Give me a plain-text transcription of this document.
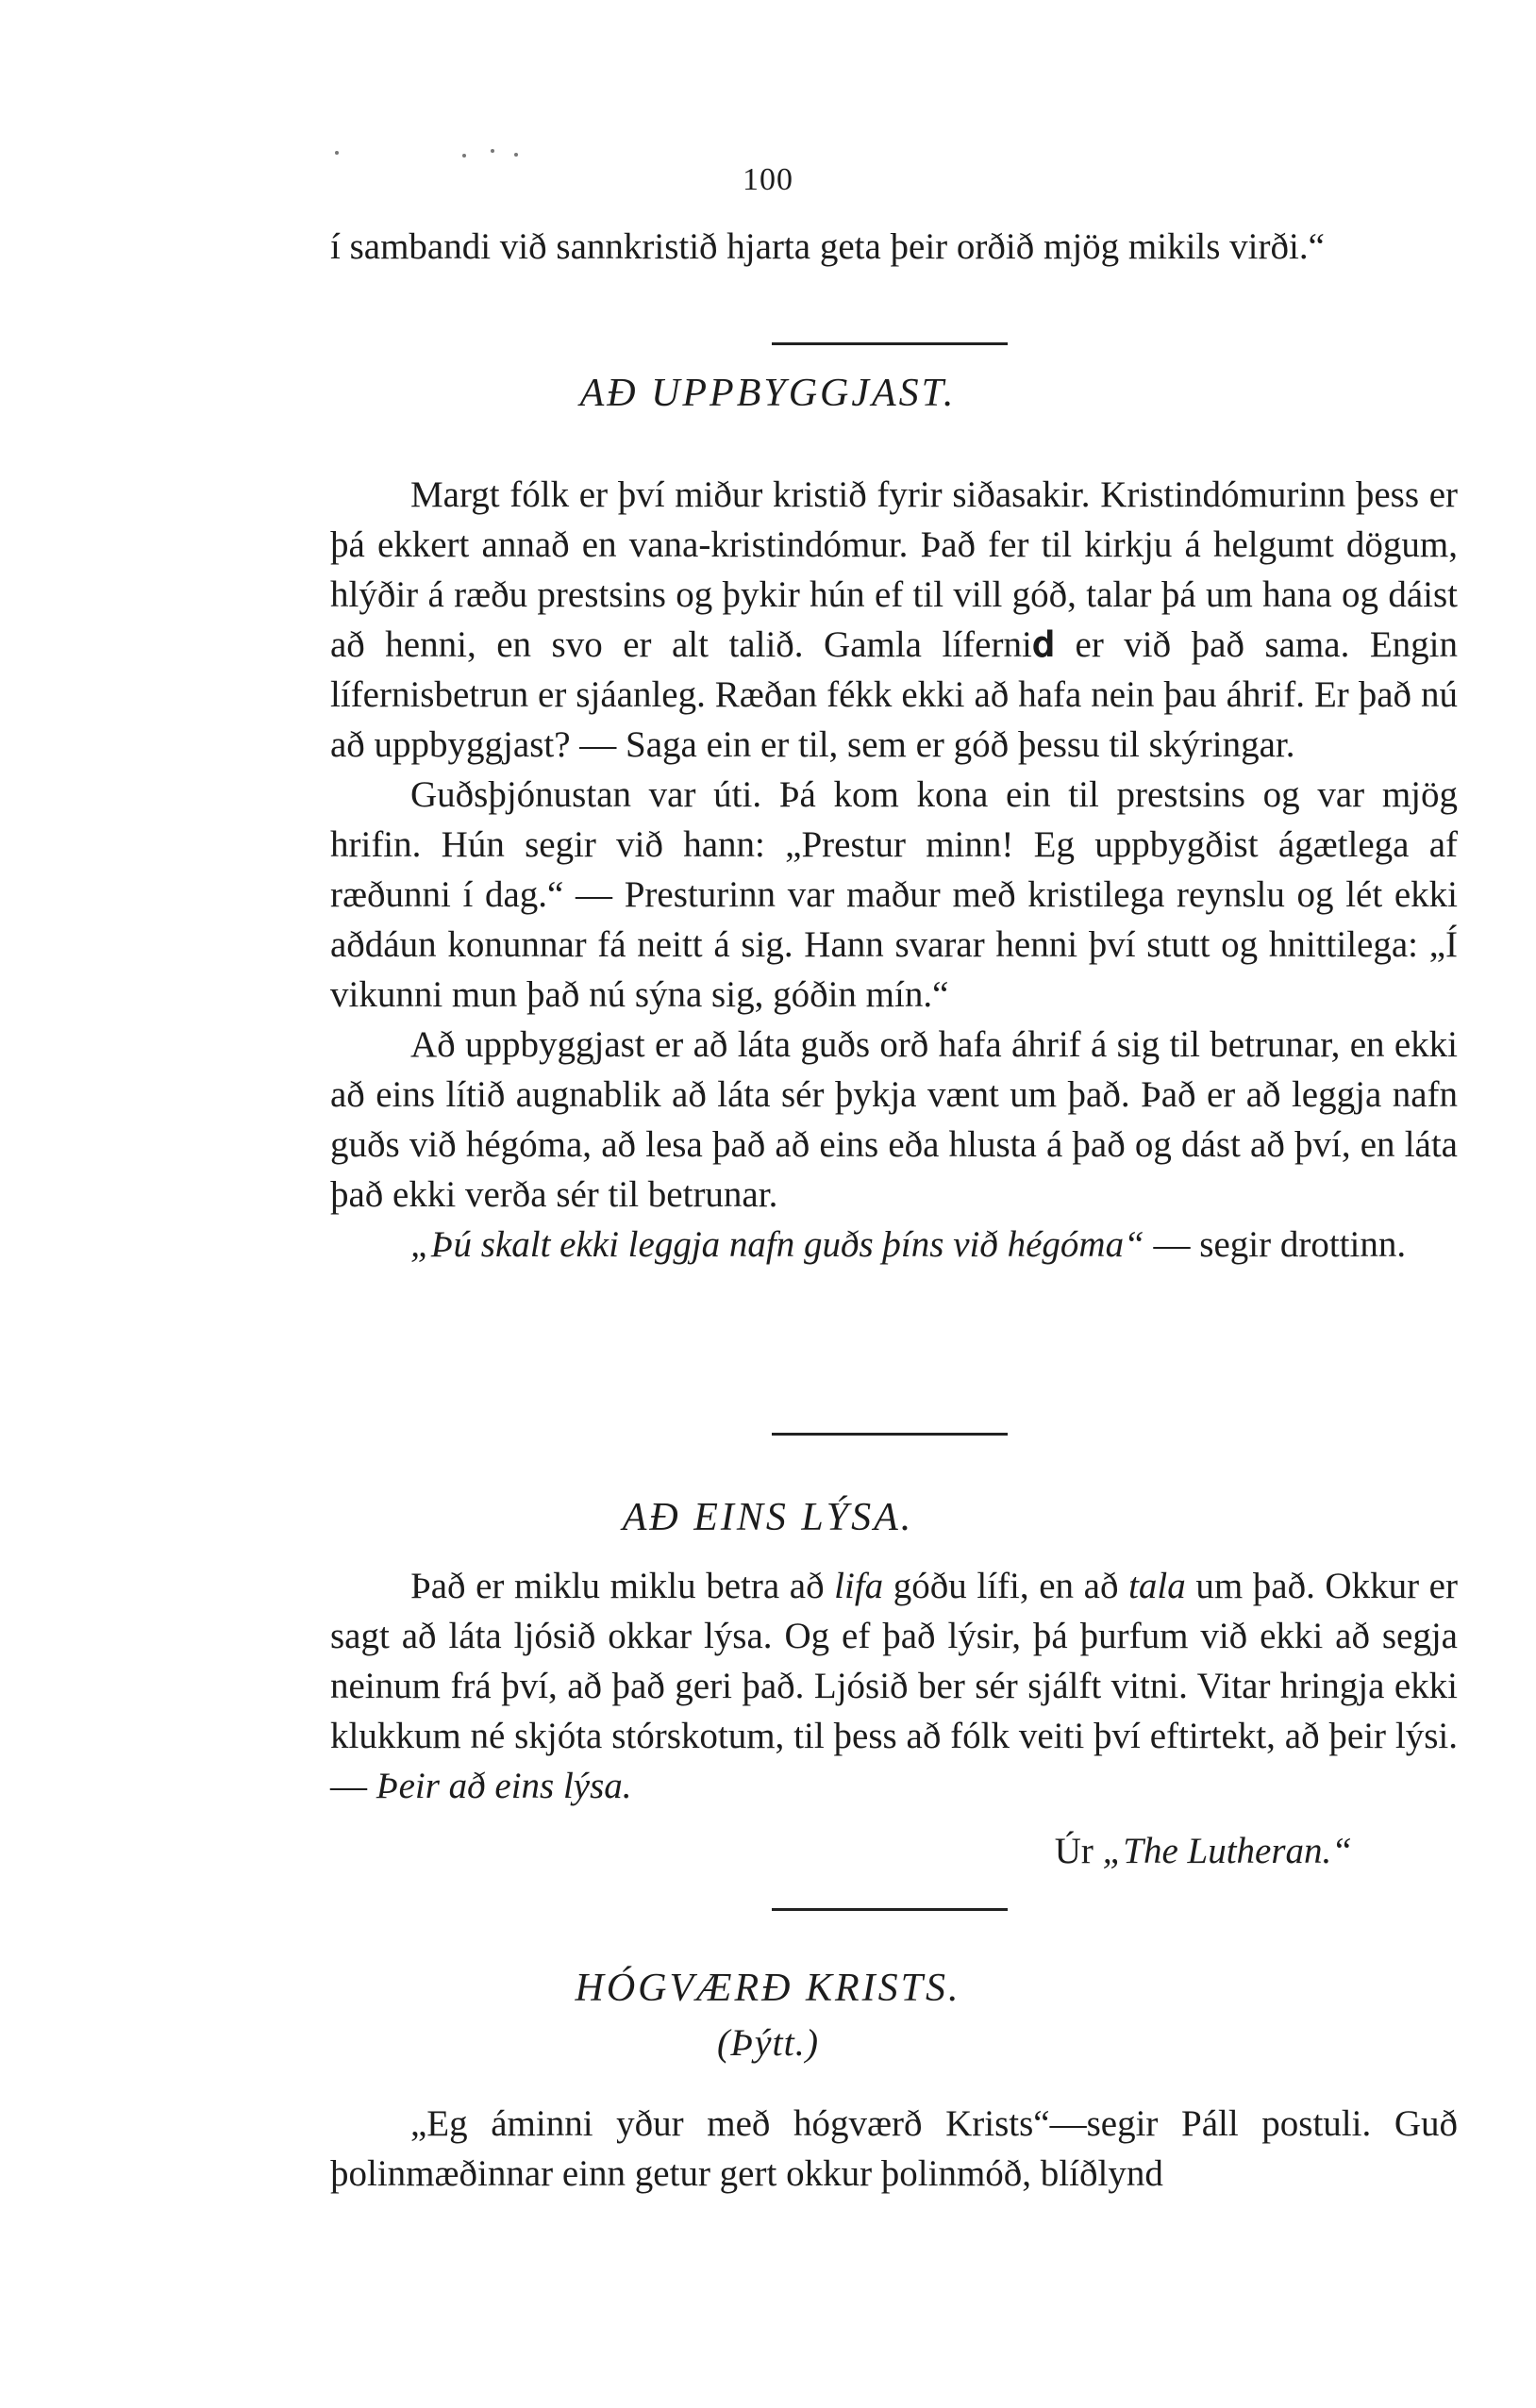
100

í sambandi við sannkristið hjarta geta þeir orðið mjög mikils virði.“

AÐ UPPBYGGJAST.

Margt fólk er því miður kristið fyrir siðasakir. Kristindómurinn þess er þá ekkert annað en vana-kristindómur. Það fer til kirkju á helgumt dögum, hlýðir á ræðu prestsins og þykir hún ef til vill góð, talar þá um hana og dáist að henni, en svo er alt talið. Gamla líferni𝐝 er við það sama. Engin lífernisbetrun er sjáanleg. Ræðan fékk ekki að hafa nein þau áhrif. Er það nú að uppbyggjast? — Saga ein er til, sem er góð þessu til skýringar.

Guðsþjónustan var úti. Þá kom kona ein til prestsins og var mjög hrifin. Hún segir við hann: „Prestur minn! Eg uppbygðist ágætlega af ræðunni í dag.“ — Presturinn var maður með kristilega reynslu og lét ekki aðdáun konunnar fá neitt á sig. Hann svarar henni því stutt og hnittilega: „Í vikunni mun það nú sýna sig, góðin mín.“

Að uppbyggjast er að láta guðs orð hafa áhrif á sig til betrunar, en ekki að eins lítið augnablik að láta sér þykja vænt um það. Það er að leggja nafn guðs við hégóma, að lesa það að eins eða hlusta á það og dást að því, en láta það ekki verða sér til betrunar.

„Þú skalt ekki leggja nafn guðs þíns við hégóma“ — segir drottinn.

AÐ EINS LÝSA.

Það er miklu miklu betra að lifa góðu lífi, en að tala um það. Okkur er sagt að láta ljósið okkar lýsa. Og ef það lýsir, þá þurfum við ekki að segja neinum frá því, að það geri það. Ljósið ber sér sjálft vitni. Vitar hringja ekki klukkum né skjóta stórskotum, til þess að fólk veiti því eftirtekt, að þeir lýsi. — Þeir að eins lýsa.

Úr „The Lutheran.“
HÓGVÆRÐ KRISTS.
(Þýtt.)

„Eg áminni yður með hógværð Krists“—segir Páll postuli. Guð þolinmæðinnar einn getur gert okkur þolinmóð, blíðlynd
